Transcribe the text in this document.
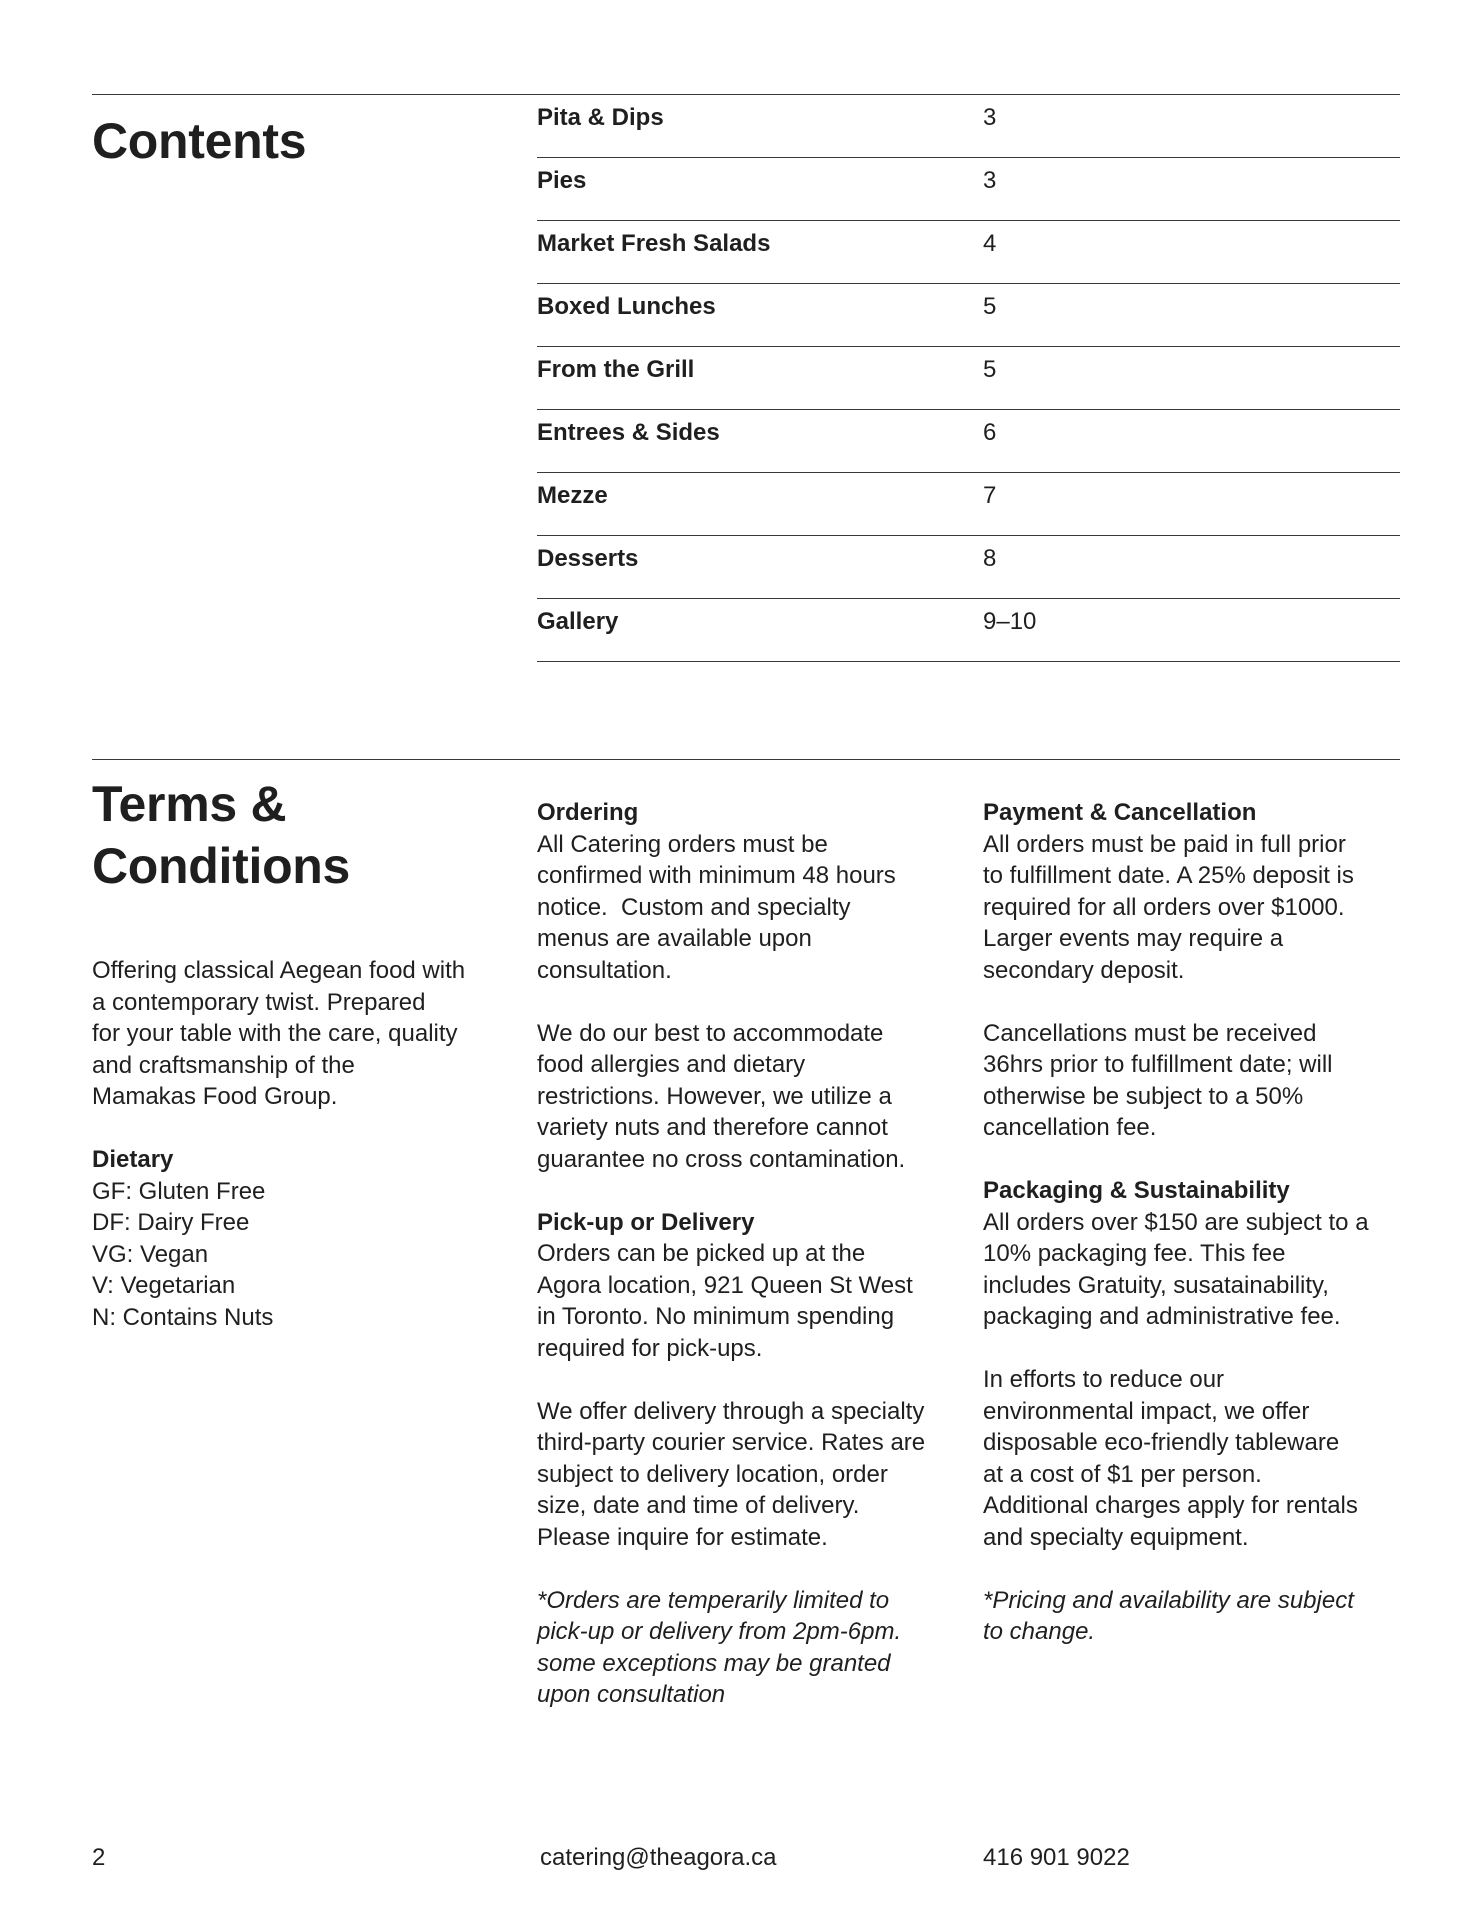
Contents	Pita & Dips	3
Pies	3
Market Fresh Salads	4
Boxed Lunches	5
From the Grill	5
Entrees & Sides	6
Mezze	7
Desserts	8
Gallery	9–10
Terms &
Conditions

Offering classical Aegean food with
a contemporary twist. Prepared
for your table with the care, quality
and craftsmanship of the
Mamakas Food Group.

Dietary

GF: Gluten Free
DF: Dairy Free
VG: Vegan
V: Vegetarian
N: Contains Nuts

Ordering

All Catering orders must be
confirmed with minimum 48 hours
notice.  Custom and specialty
menus are available upon
consultation.

We do our best to accommodate
food allergies and dietary
restrictions. However, we utilize a
variety nuts and therefore cannot
guarantee no cross contamination.

Pick-up or Delivery

Orders can be picked up at the
Agora location, 921 Queen St West
in Toronto. No minimum spending
required for pick-ups.

We offer delivery through a specialty
third-party courier service. Rates are
subject to delivery location, order
size, date and time of delivery.
Please inquire for estimate.

*Orders are temperarily limited to
pick-up or delivery from 2pm-6pm.
some exceptions may be granted
upon consultation

Payment & Cancellation

All orders must be paid in full prior
to fulfillment date. A 25% deposit is
required for all orders over $1000.
Larger events may require a
secondary deposit.

Cancellations must be received
36hrs prior to fulfillment date; will
otherwise be subject to a 50%
cancellation fee.

Packaging & Sustainability

All orders over $150 are subject to a
10% packaging fee. This fee
includes Gratuity, susatainability,
packaging and administrative fee.

In efforts to reduce our
environmental impact, we offer
disposable eco-friendly tableware
at a cost of $1 per person.
Additional charges apply for rentals
and specialty equipment.

*Pricing and availability are subject
to change.

2	catering@theagora.ca	416 901 9022
